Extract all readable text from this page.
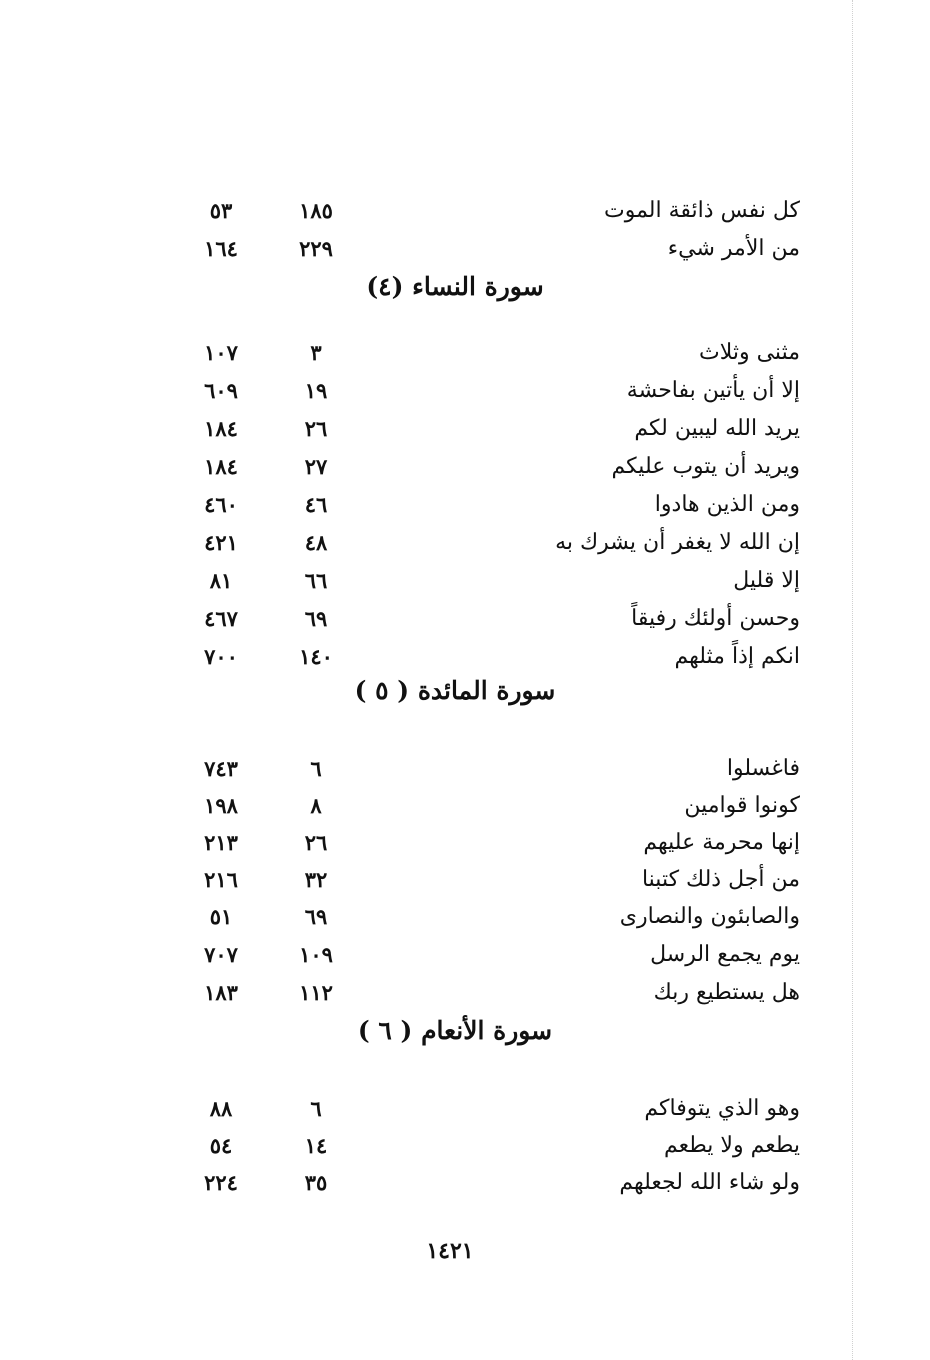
كل نفس ذائقة الموت
١٨٥
٥٣
من الأمر شيء
٢٢٩
١٦٤
سورة النساء (٤)
مثنى وثلاث
٣
١٠٧
إلا أن يأتين بفاحشة
١٩
٦٠٩
يريد الله ليبين لكم
٢٦
١٨٤
ويريد أن يتوب عليكم
٢٧
١٨٤
ومن الذين هادوا
٤٦
٤٦٠
إن الله لا يغفر أن يشرك به
٤٨
٤٢١
إلا قليل
٦٦
٨١
وحسن أولئك رفيقاً
٦٩
٤٦٧
انكم إذاً مثلهم
١٤٠
٧٠٠
سورة المائدة ( ٥ )
فاغسلوا
٦
٧٤٣
كونوا قوامين
٨
١٩٨
إنها محرمة عليهم
٢٦
٢١٣
من أجل ذلك كتبنا
٣٢
٢١٦
والصابئون والنصارى
٦٩
٥١
يوم يجمع الرسل
١٠٩
٧٠٧
هل يستطيع ربك
١١٢
١٨٣
سورة الأنعام ( ٦ )
وهو الذي يتوفاكم
٦
٨٨
يطعم ولا يطعم
١٤
٥٤
ولو شاء الله لجعلهم
٣٥
٢٢٤
١٤٢١
